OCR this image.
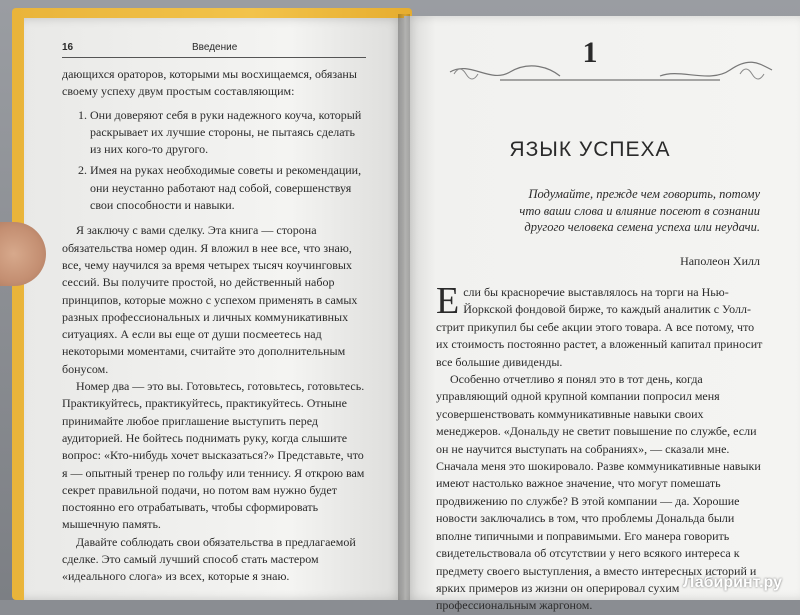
16	Введение

дающихся ораторов, которыми мы восхищаемся, обязаны своему успеху двум простым составляющим:

1. Они доверяют себя в руки надежного коуча, который раскрывает их лучшие стороны, не пытаясь сделать из них кого-то другого.
2. Имея на руках необходимые советы и рекомендации, они неустанно работают над собой, совершенствуя свои способности и навыки.

Я заключу с вами сделку. Эта книга — сторона обязательства номер один. Я вложил в нее все, что знаю, все, чему научился за время четырех тысяч коучинговых сессий. Вы получите простой, но действенный набор принципов, которые можно с успехом применять в самых разных профессиональных и личных коммуникативных ситуациях. А если вы еще от души посмеетесь над некоторыми моментами, считайте это дополнительным бонусом.

Номер два — это вы. Готовьтесь, готовьтесь, готовьтесь. Практикуйтесь, практикуйтесь, практикуйтесь. Отныне принимайте любое приглашение выступить перед аудиторией. Не бойтесь поднимать руку, когда слышите вопрос: «Кто-нибудь хочет высказаться?» Представьте, что я — опытный тренер по гольфу или теннису. Я открою вам секрет правильной подачи, но потом вам нужно будет постоянно его отрабатывать, чтобы сформировать мышечную память.

Давайте соблюдать свои обязательства в предлагаемой сделке. Это самый лучший способ стать мастером «идеального слога» из всех, которые я знаю.

1
ЯЗЫК УСПЕХА
Подумайте, прежде чем говорить, потому что ваши слова и влияние посеют в сознании другого человека семена успеха или неудачи.
Наполеон Хилл

Если бы красноречие выставлялось на торги на Нью-Йоркской фондовой бирже, то каждый аналитик с Уолл-стрит прикупил бы себе акции этого товара. А все потому, что их стоимость постоянно растет, а вложенный капитал приносит все большие дивиденды.

Особенно отчетливо я понял это в тот день, когда управляющий одной крупной компании попросил меня усовершенствовать коммуникативные навыки своих менеджеров. «Дональду не светит повышение по службе, если он не научится выступать на собраниях», — сказали мне. Сначала меня это шокировало. Разве коммуникативные навыки имеют настолько важное значение, что могут помешать продвижению по службе? В этой компании — да. Хорошие новости заключались в том, что проблемы Дональда были вполне типичными и поправимыми. Его манера говорить свидетельствовала об отсутствии у него всякого интереса к предмету своего выступления, а вместо интересных историй и ярких примеров из жизни он оперировал сухим профессиональным жаргоном.

Лабиринт.ру
